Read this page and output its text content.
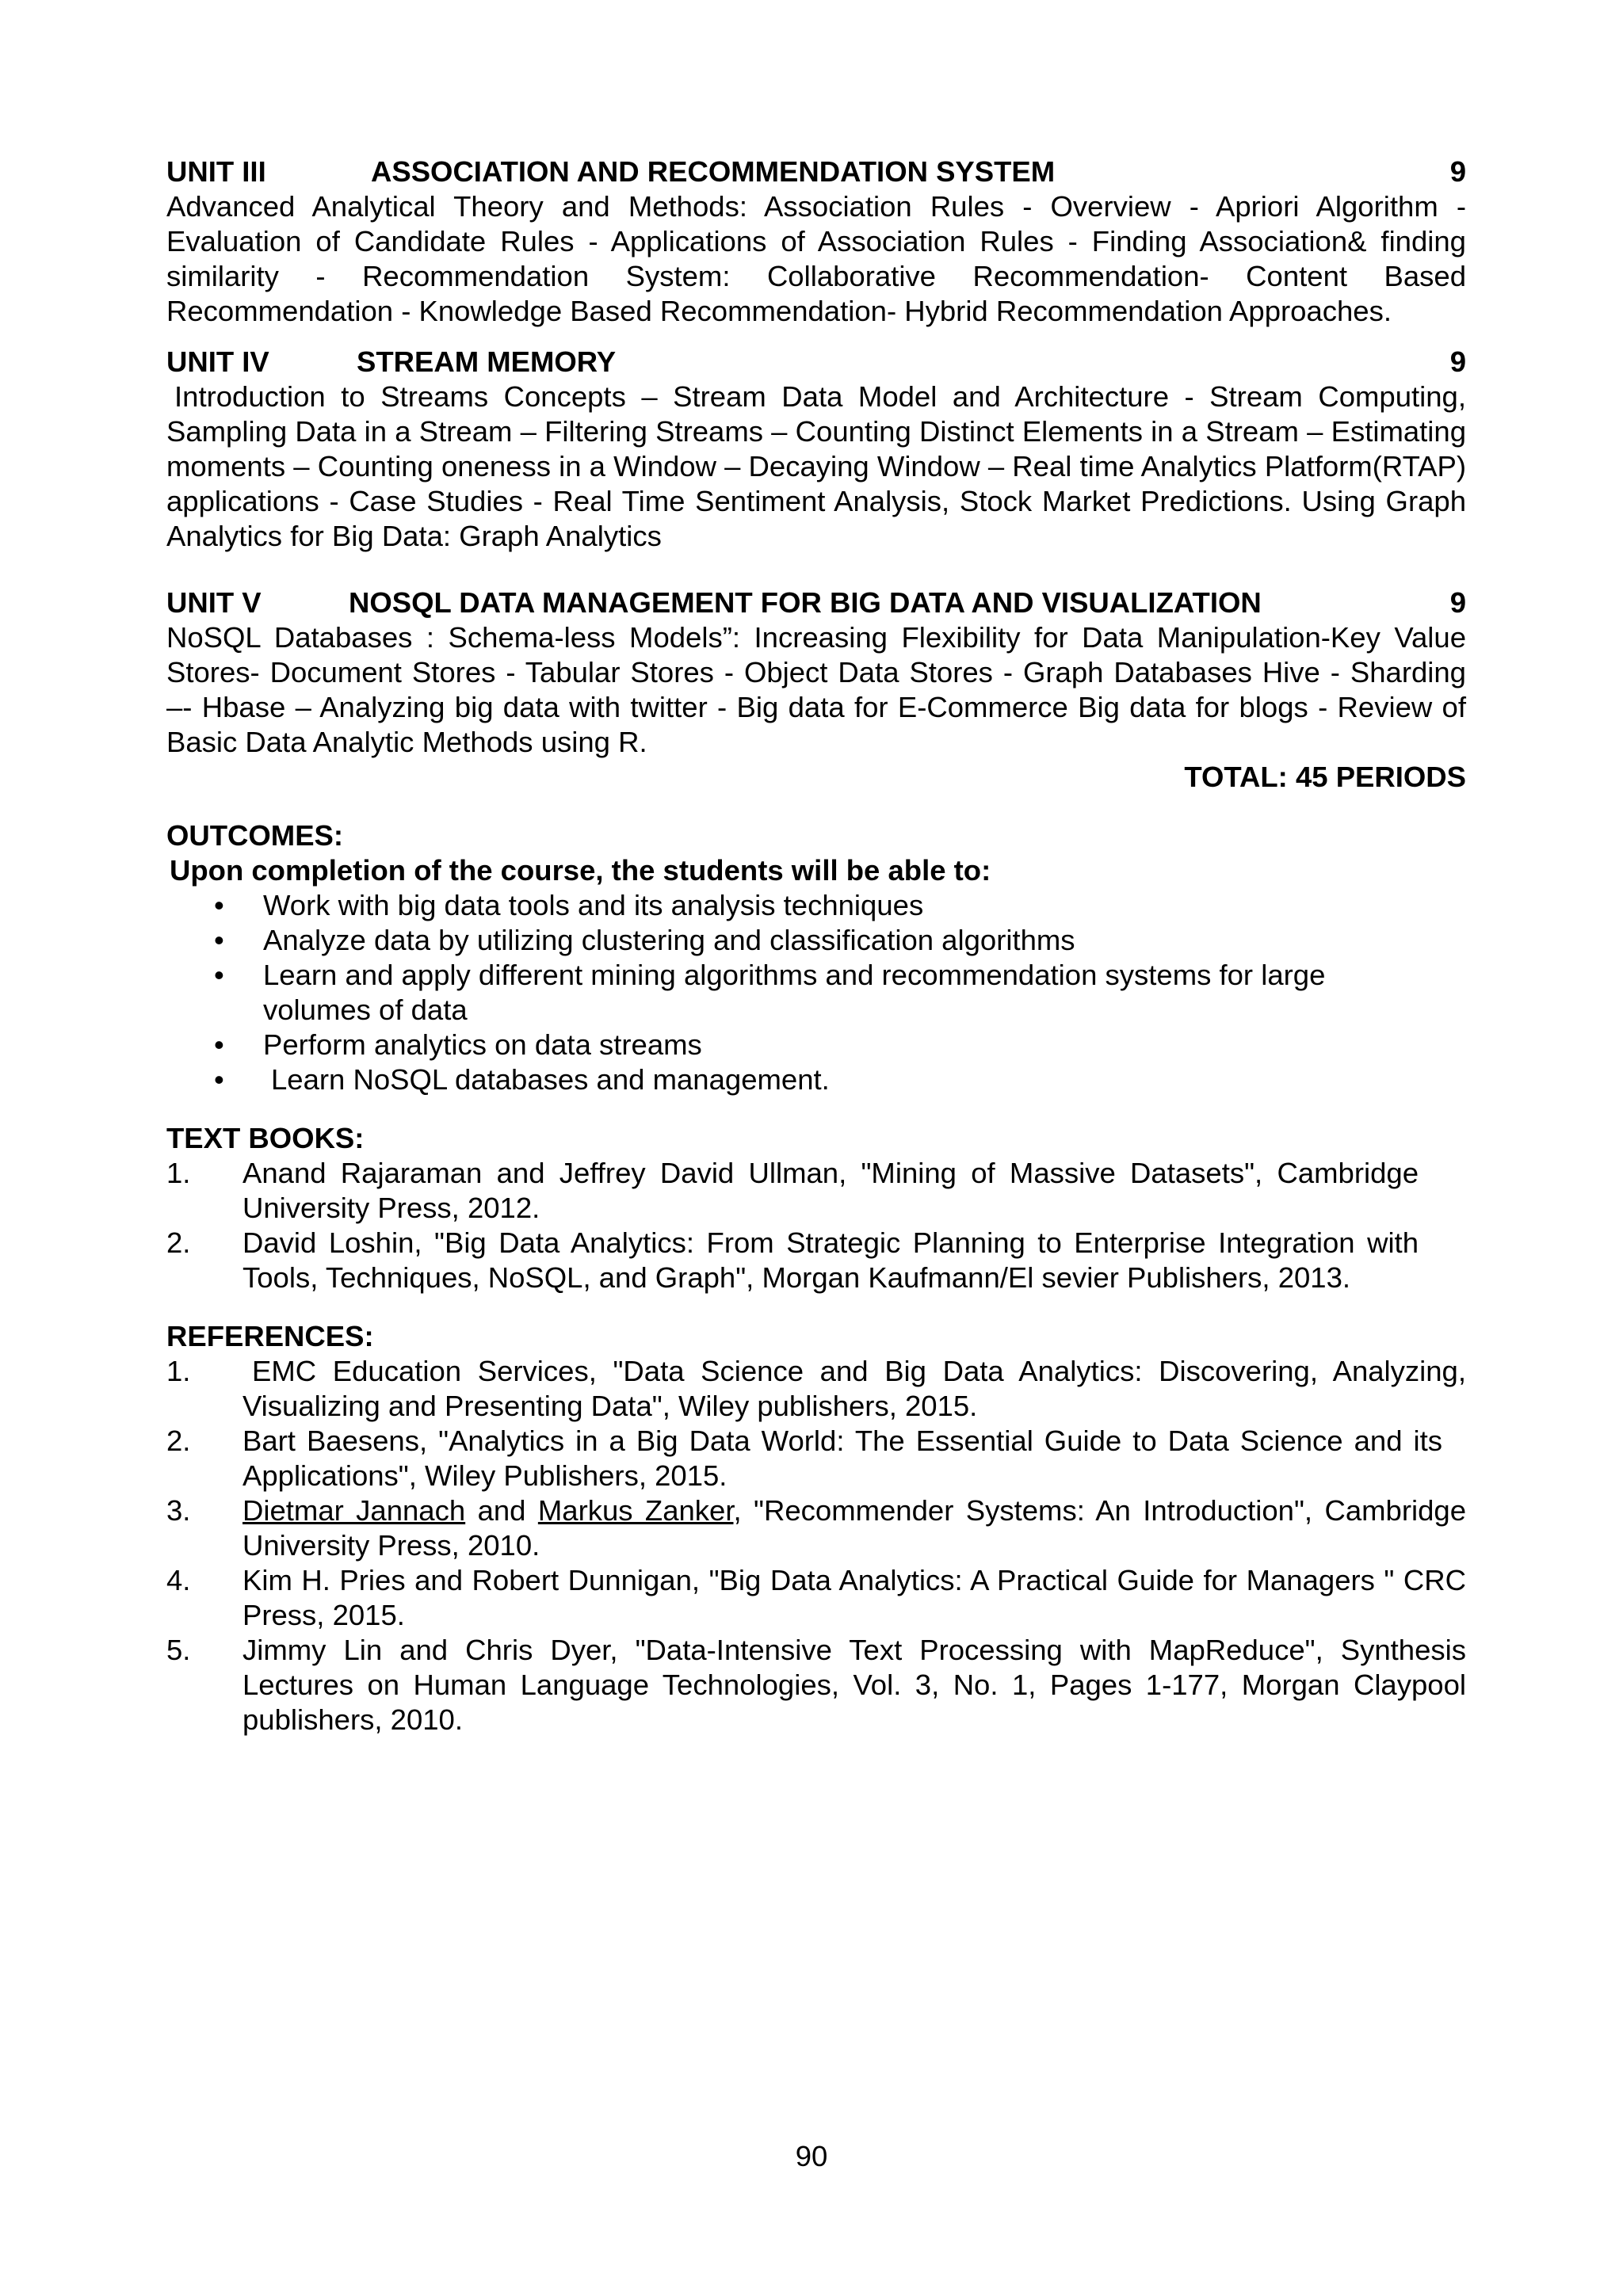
UNIT III	ASSOCIATION AND RECOMMENDATION SYSTEM	9

Advanced Analytical Theory and Methods: Association Rules - Overview - Apriori Algorithm - Evaluation of Candidate Rules - Applications of Association Rules - Finding Association& finding similarity - Recommendation System: Collaborative Recommendation- Content Based Recommendation - Knowledge Based Recommendation- Hybrid Recommendation Approaches.

UNIT IV	STREAM MEMORY	9

Introduction to Streams Concepts – Stream Data Model and Architecture - Stream Computing, Sampling Data in a Stream – Filtering Streams – Counting Distinct Elements in a Stream – Estimating moments – Counting oneness in a Window – Decaying Window – Real time Analytics Platform(RTAP) applications - Case Studies - Real Time Sentiment Analysis, Stock Market Predictions. Using Graph Analytics for Big Data: Graph Analytics

UNIT V	NOSQL DATA MANAGEMENT FOR BIG DATA AND VISUALIZATION	9

NoSQL Databases : Schema-less Models”: Increasing Flexibility for Data Manipulation-Key Value Stores- Document Stores - Tabular Stores - Object Data Stores - Graph Databases Hive - Sharding –- Hbase – Analyzing big data with twitter - Big data for E-Commerce Big data for blogs - Review of Basic Data Analytic Methods using R.

TOTAL: 45 PERIODS

OUTCOMES:

Upon completion of the course, the students will be able to:

• Work with big data tools and its analysis techniques
• Analyze data by utilizing clustering and classification algorithms
• Learn and apply different mining algorithms and recommendation systems for large volumes of data
• Perform analytics on data streams
• Learn NoSQL databases and management.

TEXT BOOKS:

1. Anand Rajaraman and Jeffrey David Ullman, "Mining of Massive Datasets", Cambridge University Press, 2012.
2. David Loshin, "Big Data Analytics: From Strategic Planning to Enterprise Integration with Tools, Techniques, NoSQL, and Graph", Morgan Kaufmann/El sevier Publishers, 2013.

REFERENCES:

1. EMC Education Services, "Data Science and Big Data Analytics: Discovering, Analyzing, Visualizing and Presenting Data", Wiley publishers, 2015.
2. Bart Baesens, "Analytics in a Big Data World: The Essential Guide to Data Science and its Applications", Wiley Publishers, 2015.
3. Dietmar Jannach and Markus Zanker, "Recommender Systems: An Introduction", Cambridge University Press, 2010.
4. Kim H. Pries and Robert Dunnigan, "Big Data Analytics: A Practical Guide for Managers " CRC Press, 2015.
5. Jimmy Lin and Chris Dyer, "Data-Intensive Text Processing with MapReduce", Synthesis Lectures on Human Language Technologies, Vol. 3, No. 1, Pages 1-177, Morgan Claypool publishers, 2010.
90
